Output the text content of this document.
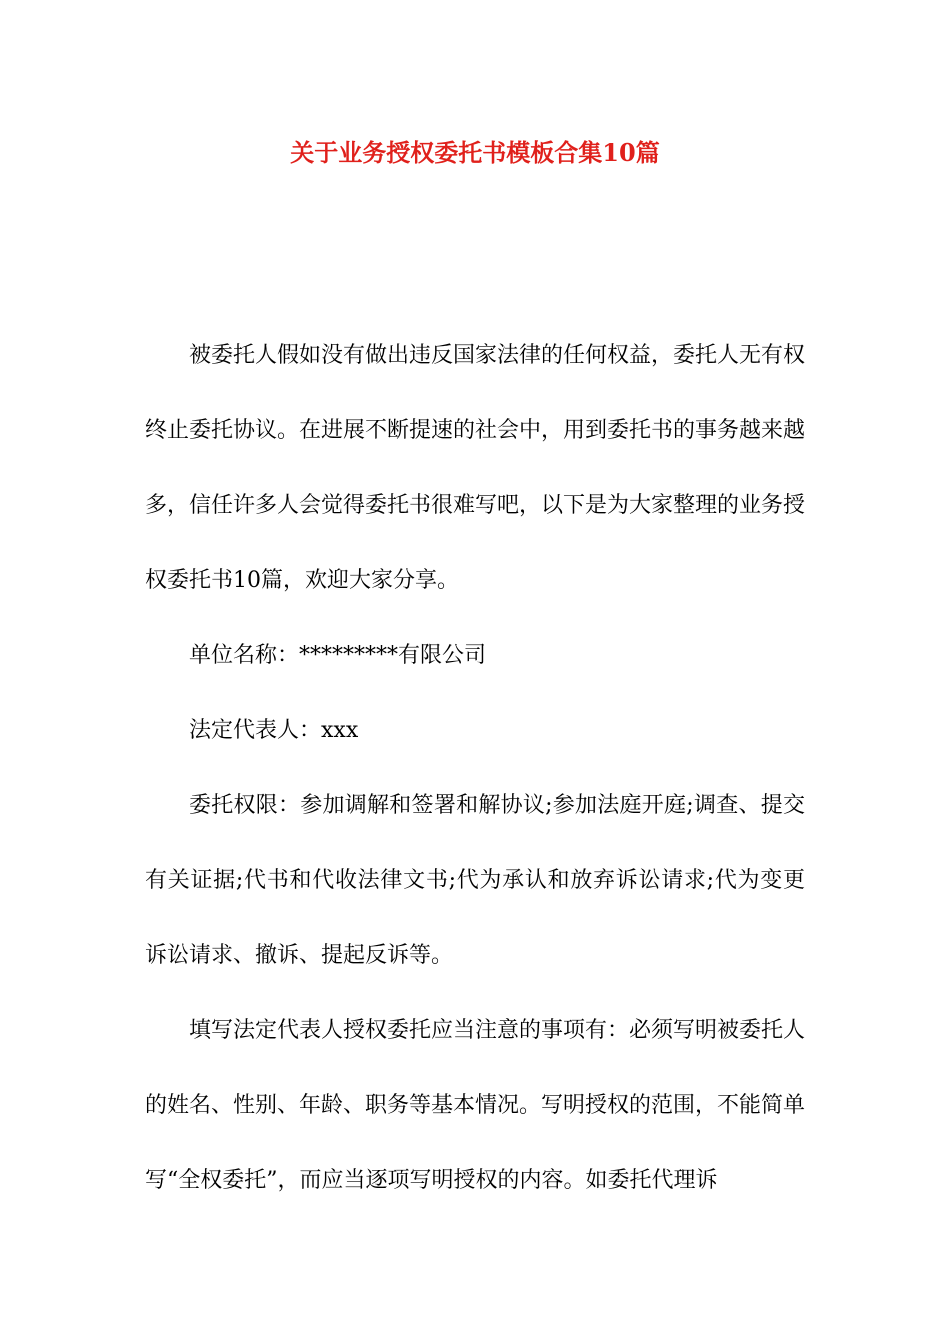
关于业务授权委托书模板合集10篇

被委托人假如没有做出违反国家法律的任何权益，委托人无有权终止委托协议。在进展不断提速的社会中，用到委托书的事务越来越多，信任许多人会觉得委托书很难写吧，以下是为大家整理的业务授权委托书10篇，欢迎大家分享。

单位名称：*********有限公司

法定代表人：xxx

委托权限：参加调解和签署和解协议;参加法庭开庭;调查、提交有关证据;代书和代收法律文书;代为承认和放弃诉讼请求;代为变更诉讼请求、撤诉、提起反诉等。

填写法定代表人授权委托应当注意的事项有：必须写明被委托人的姓名、性别、年龄、职务等基本情况。写明授权的范围，不能简单写“全权委托”，而应当逐项写明授权的内容。如委托代理诉
